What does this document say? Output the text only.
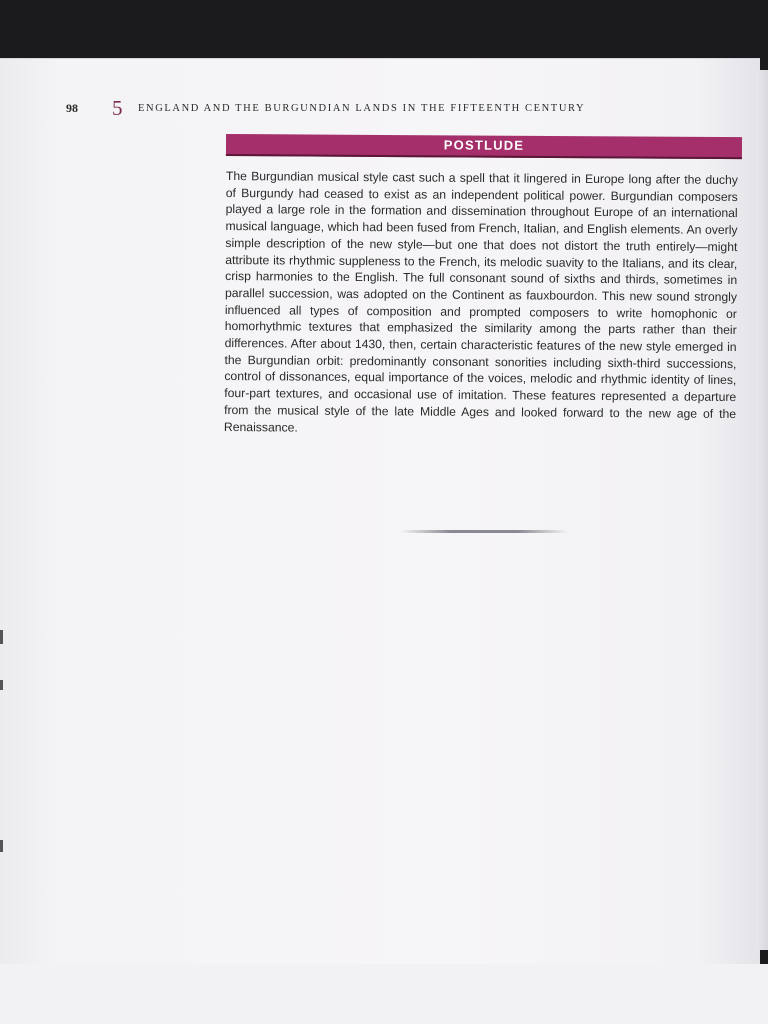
98	5	ENGLAND AND THE BURGUNDIAN LANDS IN THE FIFTEENTH CENTURY
POSTLUDE

The Burgundian musical style cast such a spell that it lingered in Europe long after the duchy of Burgundy had ceased to exist as an independent political power. Burgundian composers played a large role in the formation and dissemination throughout Europe of an international musical language, which had been fused from French, Italian, and English elements. An overly simple description of the new style—but one that does not distort the truth entirely—might attribute its rhythmic suppleness to the French, its melodic suavity to the Italians, and its clear, crisp harmonies to the English. The full consonant sound of sixths and thirds, sometimes in parallel succession, was adopted on the Continent as fauxbourdon. This new sound strongly influenced all types of composition and prompted composers to write homophonic or homorhythmic textures that emphasized the similarity among the parts rather than their differences. After about 1430, then, certain characteristic features of the new style emerged in the Burgundian orbit: predominantly consonant sonorities including sixth-third successions, control of dissonances, equal importance of the voices, melodic and rhythmic identity of lines, four-part textures, and occasional use of imitation. These features represented a departure from the musical style of the late Middle Ages and looked forward to the new age of the Renaissance.
